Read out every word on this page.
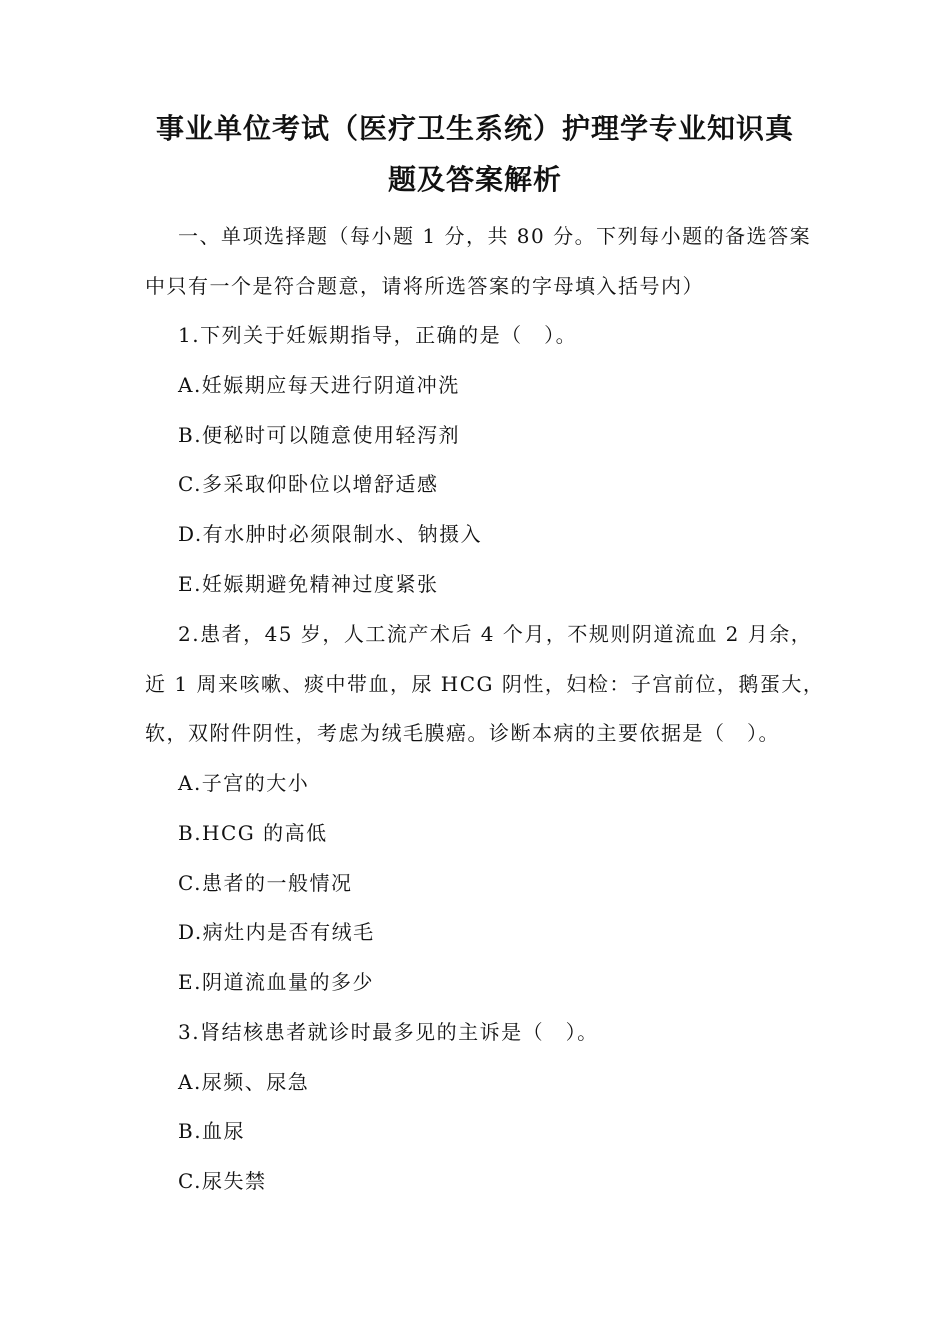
事业单位考试（医疗卫生系统）护理学专业知识真
题及答案解析
一、单项选择题（每小题 1 分，共 80 分。下列每小题的备选答案
中只有一个是符合题意，请将所选答案的字母填入括号内）
1.下列关于妊娠期指导，正确的是（　）。
A.妊娠期应每天进行阴道冲洗
B.便秘时可以随意使用轻泻剂
C.多采取仰卧位以增舒适感
D.有水肿时必须限制水、钠摄入
E.妊娠期避免精神过度紧张
2.患者，45 岁，人工流产术后 4 个月，不规则阴道流血 2 月余，
近 1 周来咳嗽、痰中带血，尿 HCG 阴性，妇检：子宫前位，鹅蛋大，
软，双附件阴性，考虑为绒毛膜癌。诊断本病的主要依据是（　）。
A.子宫的大小
B.HCG 的高低
C.患者的一般情况
D.病灶内是否有绒毛
E.阴道流血量的多少
3.肾结核患者就诊时最多见的主诉是（　）。
A.尿频、尿急
B.血尿
C.尿失禁
